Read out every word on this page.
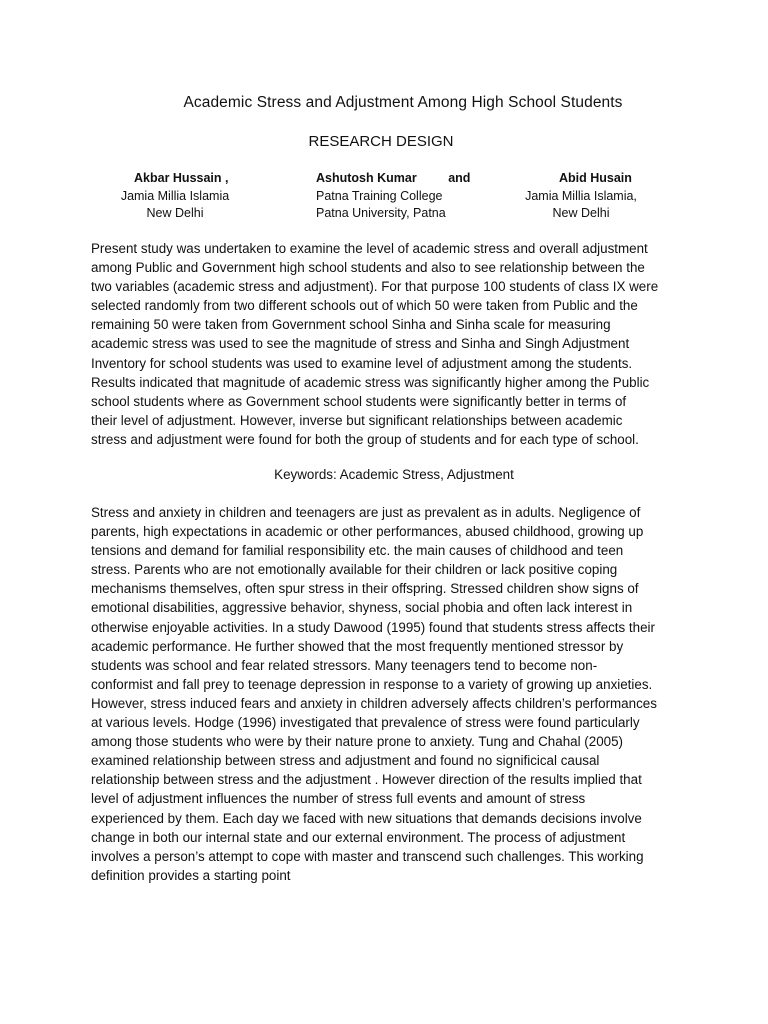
Academic Stress and Adjustment Among High School Students
RESEARCH DESIGN
Akbar Hussain ,
Jamia Millia Islamia
New Delhi
Ashutosh Kumar	and
Patna Training College
Patna University, Patna
Abid Husain
Jamia Millia Islamia,
New Delhi
Present study was undertaken to examine the level of academic stress and overall adjustment
among Public and Government high school students and also to see relationship between the
two variables (academic stress and adjustment). For that purpose 100 students of class IX were
selected randomly from two different schools out of which 50 were taken from Public and the
remaining 50 were taken from Government school Sinha and Sinha scale for measuring
academic stress was used to see the magnitude of stress and Sinha and Singh Adjustment
Inventory for school students was used to examine level of adjustment among the students.
Results indicated that magnitude of academic stress was significantly higher among the Public
school students where as Government school students were significantly better in terms of
their level of adjustment. However, inverse but significant relationships between academic
stress and adjustment were found for both the group of students and for each type of school.
Keywords: Academic Stress, Adjustment
Stress and anxiety in children and teenagers are just as prevalent as in adults. Negligence of
parents, high expectations in academic or other performances, abused childhood, growing up
tensions and demand for familial responsibility etc. the main causes of childhood and teen
stress. Parents who are not emotionally available for their children or lack positive coping
mechanisms themselves, often spur stress in their offspring. Stressed children show signs of
emotional disabilities, aggressive behavior, shyness, social phobia and often lack interest in
otherwise enjoyable activities. In a study Dawood (1995) found that students stress affects their
academic performance. He further showed that the most frequently mentioned stressor by
students was school and fear related stressors. Many teenagers tend to become non-
conformist and fall prey to teenage depression in response to a variety of growing up anxieties.
However, stress induced fears and anxiety in children adversely affects children’s performances
at various levels. Hodge (1996) investigated that prevalence of stress were found particularly
among those students who were by their nature prone to anxiety. Tung and Chahal (2005)
examined relationship between stress and adjustment and found no significical causal
relationship between stress and the adjustment . However direction of the results implied that
level of adjustment influences the number of stress full events and amount of stress
experienced by them. Each day we faced with new situations that demands decisions involve
change in both our internal state and our external environment. The process of adjustment
involves a person’s attempt to cope with master and transcend such challenges. This working
definition provides a starting point
